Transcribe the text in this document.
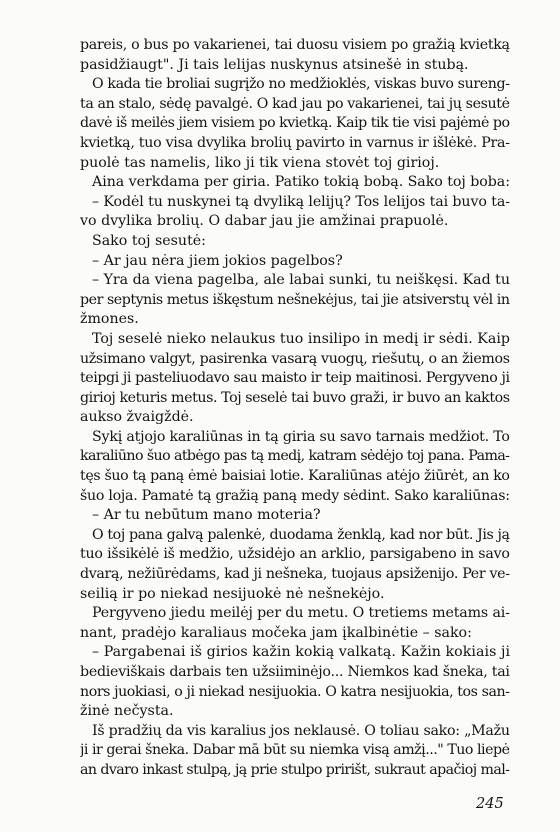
pareis, o bus po vakarienei, tai duosu visiem po gražią kvietką
pasidžiaugt". Ji tais lelijas nuskynus atsinešė in stubą.
O kada tie broliai sugrįžo no medžioklės, viskas buvo sureng-
ta an stalo, sėdę pavalgė. O kad jau po vakarienei, tai jų sesutė
davė iš meilės jiem visiem po kvietką. Kaip tik tie visi pajėmė po
kvietką, tuo visa dvylika brolių pavirto in varnus ir išlėkė. Pra-
puolė tas namelis, liko ji tik viena stovėt toj girioj.
Aina verkdama per giria. Patiko tokią bobą. Sako toj boba:
– Kodėl tu nuskynei tą dvyliką lelijų? Tos lelijos tai buvo ta-
vo dvylika brolių. O dabar jau jie amžinai prapuolė.
Sako toj sesutė:
– Ar jau nėra jiem jokios pagelbos?
– Yra da viena pagelba, ale labai sunki, tu neiškęsi. Kad tu
per septynis metus iškęstum nešnekėjus, tai jie atsiverstų vėl in
žmones.
Toj seselė nieko nelaukus tuo insilipo in medį ir sėdi. Kaip
užsimano valgyt, pasirenka vasarą vuogų, riešutų, o an žiemos
teipgi ji pasteliuodavo sau maisto ir teip maitinosi. Pergyveno ji
girioj keturis metus. Toj seselė tai buvo graži, ir buvo an kaktos
aukso žvaigždė.
Sykį atjojo karaliūnas in tą giria su savo tarnais medžiot. To
karaliūno šuo atbėgo pas tą medį, katram sėdėjo toj pana. Pama-
tęs šuo tą paną ėmė baisiai lotie. Karaliūnas atėjo žiūrėt, an ko
šuo loja. Pamatė tą gražią paną medy sėdint. Sako karaliūnas:
– Ar tu nebūtum mano moteria?
O toj pana galvą palenkė, duodama ženklą, kad nor būt. Jis ją
tuo išsikėlė iš medžio, užsidėjo an arklio, parsigabeno in savo
dvarą, nežiūrėdams, kad ji nešneka, tuojaus apsiženijo. Per ve-
seilią ir po niekad nesijuokė nė nešnekėjo.
Pergyveno jiedu meilėj per du metu. O tretiems metams ai-
nant, pradėjo karaliaus močeka jam įkalbinėtie – sako:
– Pargabenai iš girios kažin kokią valkatą. Kažin kokiais ji
bedieviškais darbais ten užsiiminėjo... Niemkos kad šneka, tai
nors juokiasi, o ji niekad nesijuokia. O katra nesijuokia, tos san-
žinė nečysta.
Iš pradžių da vis karalius jos neklausė. O toliau sako: „Mažu
ji ir gerai šneka. Dabar mā būt su niemka visą amžį..." Tuo liepė
an dvaro inkast stulpą, ją prie stulpo pririšt, sukraut apačioj mal-
245
